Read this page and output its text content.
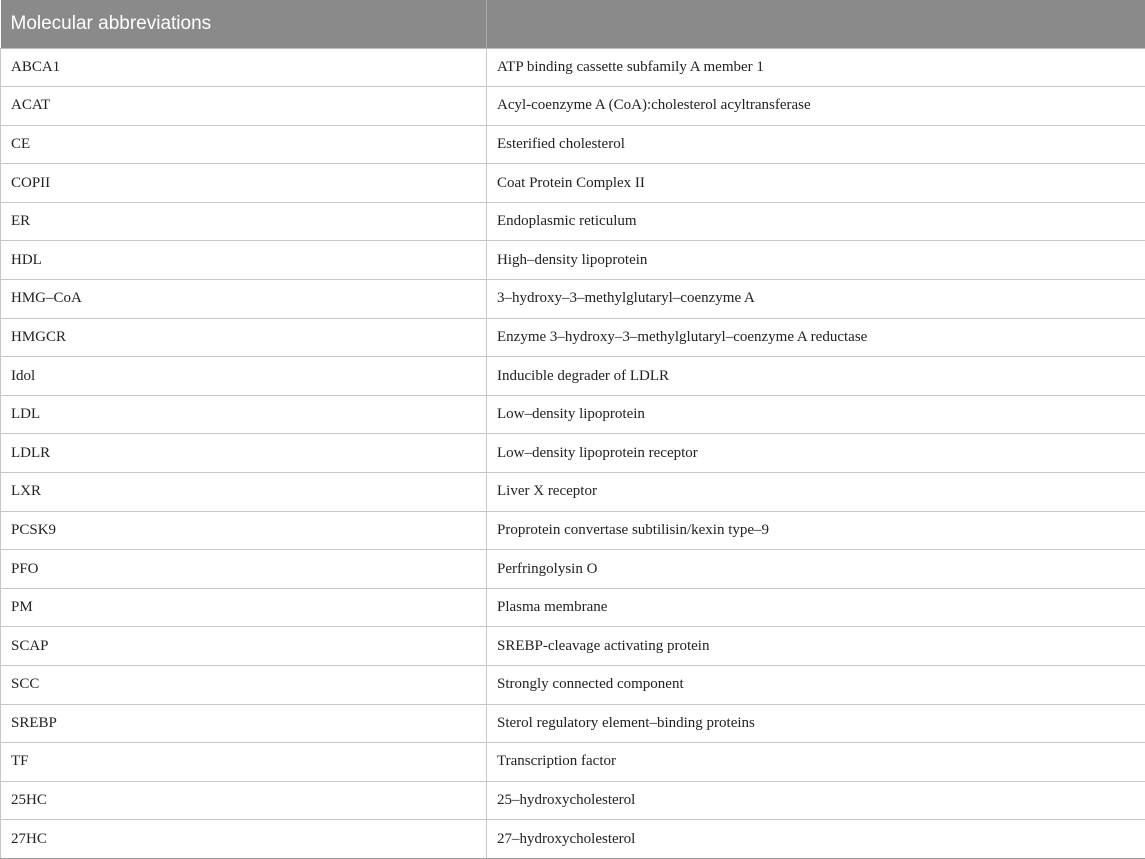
Molecular abbreviations	
ABCA1	ATP binding cassette subfamily A member 1
ACAT	Acyl-coenzyme A (CoA):cholesterol acyltransferase
CE	Esterified cholesterol
COPII	Coat Protein Complex II
ER	Endoplasmic reticulum
HDL	High–density lipoprotein
HMG–CoA	3–hydroxy–3–methylglutaryl–coenzyme A
HMGCR	Enzyme 3–hydroxy–3–methylglutaryl–coenzyme A reductase
Idol	Inducible degrader of LDLR
LDL	Low–density lipoprotein
LDLR	Low–density lipoprotein receptor
LXR	Liver X receptor
PCSK9	Proprotein convertase subtilisin/kexin type–9
PFO	Perfringolysin O
PM	Plasma membrane
SCAP	SREBP-cleavage activating protein
SCC	Strongly connected component
SREBP	Sterol regulatory element–binding proteins
TF	Transcription factor
25HC	25–hydroxycholesterol
27HC	27–hydroxycholesterol
